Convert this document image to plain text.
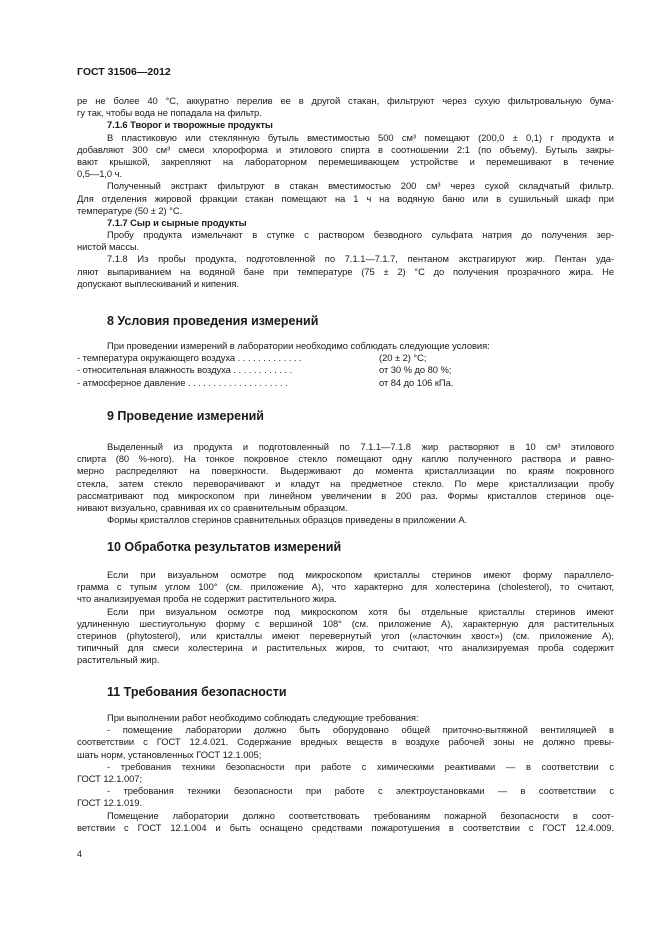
ГОСТ 31506—2012
ре не более 40 °С, аккуратно перелив ее в другой стакан, фильтруют через сухую фильтровальную бума-
гу так, чтобы вода не попадала на фильтр.
7.1.6 Творог и творожные продукты
В пластиковую или стеклянную бутыль вместимостью 500 см³ помещают (200,0 ± 0,1) г продукта и
добавляют 300 см³ смеси хлороформа и этилового спирта в соотношении 2:1 (по объему). Бутыль закры-
вают крышкой, закрепляют на лабораторном перемешивающем устройстве и перемешивают в течение
0,5—1,0 ч.
Полученный экстракт фильтруют в стакан вместимостью 200 см³ через сухой складчатый фильтр.
Для отделения жировой фракции стакан помещают на 1 ч на водяную баню или в сушильный шкаф при
температуре (50 ± 2) °С.
7.1.7 Сыр и сырные продукты
Пробу продукта измельчают в ступке с раствором безводного сульфата натрия до получения зер-
нистой массы.
7.1.8 Из пробы продукта, подготовленной по 7.1.1—7.1.7, пентаном экстрагируют жир. Пентан уда-
ляют выпариванием на водяной бане при температуре (75 ± 2) °С до получения прозрачного жира. Не
допускают выплескиваний и кипения.
8 Условия проведения измерений
При проведении измерений в лаборатории необходимо соблюдать следующие условия:
- температура окружающего воздуха . . . . . . . . . . . . .	(20 ± 2) °С;
- относительная влажность воздуха . . . . . . . . . . . .	от 30 % до 80 %;
- атмосферное давление . . . . . . . . . . . . . . . . . . . .	от 84 до 106 кПа.
9 Проведение измерений
Выделенный из продукта и подготовленный по 7.1.1—7.1.8 жир растворяют в 10 см³ этилового
спирта (80 %-ного). На тонкое покровное стекло помещают одну каплю полученного раствора и равно-
мерно распределяют на поверхности. Выдерживают до момента кристаллизации по краям покровного
стекла, затем стекло переворачивают и кладут на предметное стекло. По мере кристаллизации пробу
рассматривают под микроскопом при линейном увеличении в 200 раз. Формы кристаллов стеринов оце-
нивают визуально, сравнивая их со сравнительным образцом.
Формы кристаллов стеринов сравнительных образцов приведены в приложении А.
10 Обработка результатов измерений
Если при визуальном осмотре под микроскопом кристаллы стеринов имеют форму параллело-
грамма с тупым углом 100° (см. приложение А), что характерно для холестерина (cholesterol), то считают,
что анализируемая проба не содержит растительного жира.
Если при визуальном осмотре под микроскопом хотя бы отдельные кристаллы стеринов имеют
удлиненную шестиугольную форму с вершиной 108° (см. приложение А), характерную для растительных
стеринов (phytosterol), или кристаллы имеют перевернутый угол («ласточкин хвост») (см. приложение А),
типичный для смеси холестерина и растительных жиров, то считают, что анализируемая проба содержит
растительный жир.
11 Требования безопасности
При выполнении работ необходимо соблюдать следующие требования:
- помещение лаборатории должно быть оборудовано общей приточно-вытяжной вентиляцией в
соответствии с ГОСТ 12.4.021. Содержание вредных веществ в воздухе рабочей зоны не должно превы-
шать норм, установленных ГОСТ 12.1.005;
- требования техники безопасности при работе с химическими реактивами — в соответствии с
ГОСТ 12.1.007;
- требования техники безопасности при работе с электроустановками — в соответствии с
ГОСТ 12.1.019.
Помещение лаборатории должно соответствовать требованиям пожарной безопасности в соот-
ветствии с ГОСТ 12.1.004 и быть оснащено средствами пожаротушения в соответствии с ГОСТ 12.4.009.
4
